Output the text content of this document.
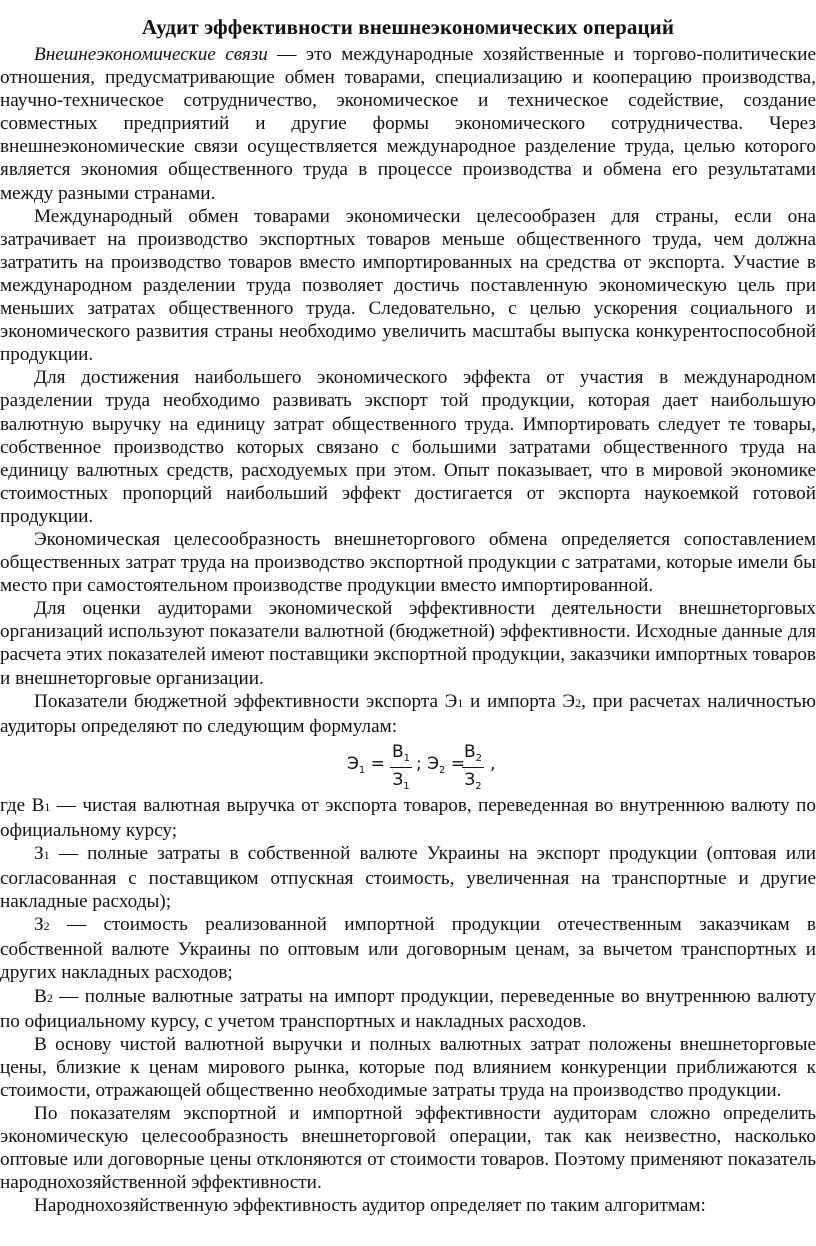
Аудит эффективности внешнеэкономических операций

Внешнеэкономические связи — это международные хозяйственные и торгово-политические отношения, предусматривающие обмен товарами, специализацию и кооперацию производства, научно-техническое сотрудничество, экономическое и техническое содействие, создание совместных предприятий и другие формы экономического сотрудничества. Через внешнеэкономические связи осуществляется международное разделение труда, целью которого является экономия общественного труда в процессе производства и обмена его результатами между разными странами.

Международный обмен товарами экономически целесообразен для страны, если она затрачивает на производство экспортных товаров меньше общественного труда, чем должна затратить на производство товаров вместо импортированных на средства от экспорта. Участие в международном разделении труда позволяет достичь поставленную экономическую цель при меньших затратах общественного труда. Следовательно, с целью ускорения социального и экономического развития страны необходимо увеличить масштабы выпуска конкурентоспособной продукции.

Для достижения наибольшего экономического эффекта от участия в международном разделении труда необходимо развивать экспорт той продукции, которая дает наибольшую валютную выручку на единицу затрат общественного труда. Импортировать следует те товары, собственное производство которых связано с большими затратами общественного труда на единицу валютных средств, расходуемых при этом. Опыт показывает, что в мировой экономике стоимостных пропорций наибольший эффект достигается от экспорта наукоемкой готовой продукции.

Экономическая целесообразность внешнеторгового обмена определяется сопоставлением общественных затрат труда на производство экспортной продукции с затратами, которые имели бы место при самостоятельном производстве продукции вместо импортированной.

Для оценки аудиторами экономической эффективности деятельности внешнеторговых организаций используют показатели валютной (бюджетной) эффективности. Исходные данные для расчета этих показателей имеют поставщики экспортной продукции, заказчики импортных товаров и внешнеторговые организации.

Показатели бюджетной эффективности экспорта Э1 и импорта Э2, при расчетах наличностью аудиторы определяют по следующим формулам:

$Э_1$ =
$В_1$
$З_1$
; $Э_2$ =
$В_2$
$З_2$
,

где В1 — чистая валютная выручка от экспорта товаров, переведенная во внутреннюю валюту по официальному курсу;

З1 — полные затраты в собственной валюте Украины на экспорт продукции (оптовая или согласованная с поставщиком отпускная стоимость, увеличенная на транспортные и другие накладные расходы);

З2 — стоимость реализованной импортной продукции отечественным заказчикам в собственной валюте Украины по оптовым или договорным ценам, за вычетом транспортных и других накладных расходов;

В2 — полные валютные затраты на импорт продукции, переведенные во внутреннюю валюту по официальному курсу, с учетом транспортных и накладных расходов.

В основу чистой валютной выручки и полных валютных затрат положены внешнеторговые цены, близкие к ценам мирового рынка, которые под влиянием конкуренции приближаются к стоимости, отражающей общественно необходимые затраты труда на производство продукции.

По показателям экспортной и импортной эффективности аудиторам сложно определить экономическую целесообразность внешнеторговой операции, так как неизвестно, насколько оптовые или договорные цены отклоняются от стоимости товаров. Поэтому применяют показатель народнохозяйственной эффективности.

Народнохозяйственную эффективность аудитор определяет по таким алгоритмам:
